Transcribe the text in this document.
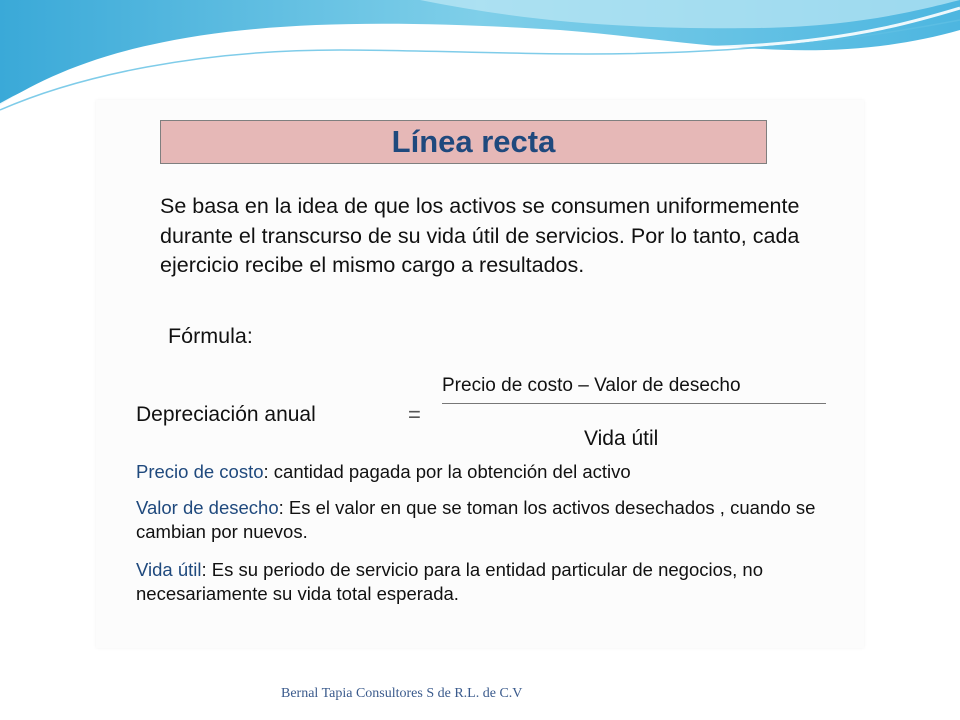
Línea recta
Se basa en la idea de que los activos se consumen uniformemente durante el transcurso de su vida útil de servicios. Por lo tanto, cada ejercicio recibe el mismo cargo a resultados.
Fórmula:
Depreciación anual	=
Precio de costo – Valor de desecho
Vida útil
Precio de costo: cantidad pagada por la obtención del activo
Valor de desecho: Es el valor en que se toman los activos desechados , cuando se cambian por nuevos.
Vida útil: Es su periodo de servicio para la entidad particular de negocios, no necesariamente su vida total esperada.
Bernal Tapia Consultores S de R.L. de C.V
